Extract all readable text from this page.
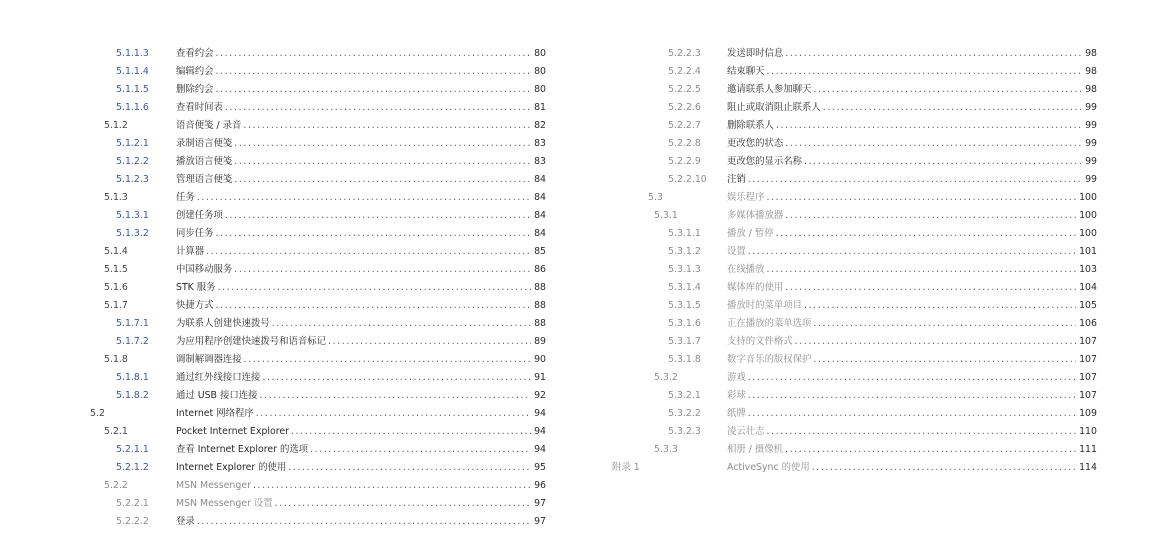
5.1.1.3	查看约会 .....	80
5.1.1.4	编辑约会 .....	80
5.1.1.5	删除约会 .....	80
5.1.1.6	查看时间表 .....	81
5.1.2	语音便笺 / 录音 .....	82
5.1.2.1	录制语言便笺 .....	83
5.1.2.2	播放语言便笺 .....	83
5.1.2.3	管理语言便笺 .....	84
5.1.3	任务 .....	84
5.1.3.1	创建任务项 .....	84
5.1.3.2	同步任务 .....	84
5.1.4	计算器 .....	85
5.1.5	中国移动服务 .....	86
5.1.6	STK 服务 .....	88
5.1.7	快捷方式 .....	88
5.1.7.1	为联系人创建快速拨号 .....	88
5.1.7.2	为应用程序创建快速拨号和语音标记 .....	89
5.1.8	调制解调器连接 .....	90
5.1.8.1	通过红外线接口连接 .....	91
5.1.8.2	通过 USB 接口连接 .....	92
5.2	Internet 网络程序 .....	94
5.2.1	Pocket Internet Explorer .....	94
5.2.1.1	查看 Internet Explorer 的选项 .....	94
5.2.1.2	Internet Explorer 的使用 .....	95
5.2.2	MSN Messenger .....	96
5.2.2.1	MSN Messenger 设置 .....	97
5.2.2.2	登录 .....	97
5.2.2.3	发送即时信息 .....	98
5.2.2.4	结束聊天 .....	98
5.2.2.5	邀请联系人参加聊天 .....	98
5.2.2.6	阻止或取消阻止联系人 .....	99
5.2.2.7	删除联系人 .....	99
5.2.2.8	更改您的状态 .....	99
5.2.2.9	更改您的显示名称 .....	99
5.2.2.10 注销 .....	99
5.3	娱乐程序 .....	100
5.3.1	多媒体播放器 .....	100
5.3.1.1	播放 / 暂停 .....	100
5.3.1.2	设置 .....	101
5.3.1.3	在线播放 .....	103
5.3.1.4	媒体库的使用 .....	104
5.3.1.5	播放时的菜单项目 .....	105
5.3.1.6	正在播放的菜单选项 .....	106
5.3.1.7	支持的文件格式 .....	107
5.3.1.8	数字音乐的版权保护 .....	107
5.3.2	游戏 .....	107
5.3.2.1	彩球 .....	107
5.3.2.2	纸牌 .....	109
5.3.2.3	凌云壮志 .....	110
5.3.3	相册 / 摄像机 .....	111
附录 1	ActiveSync 的使用 .....	114
